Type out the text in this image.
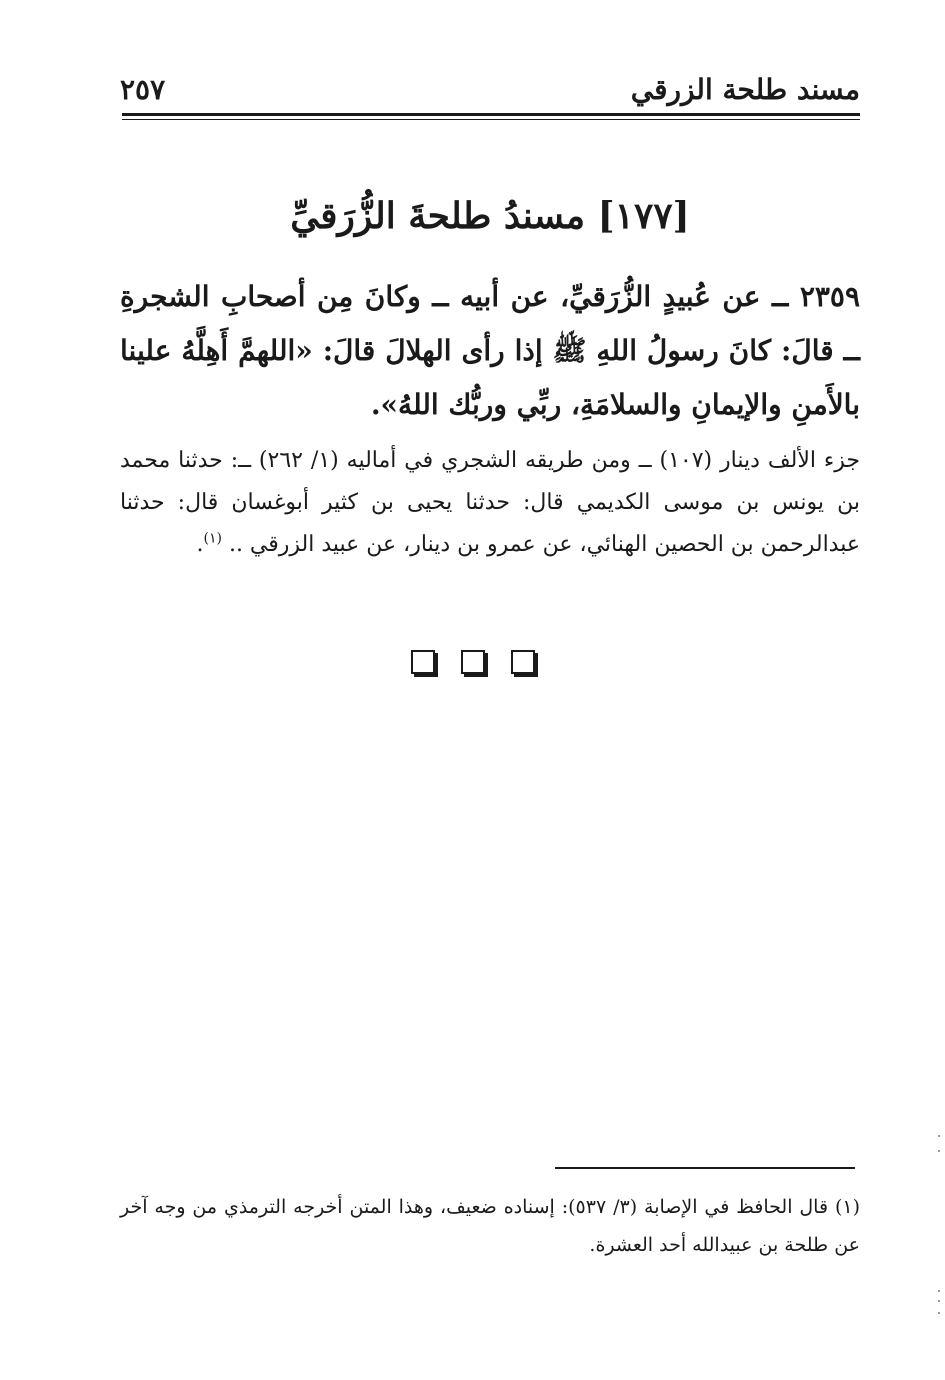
مسند طلحة الزرقي
٢٥٧
[١٧٧] مسندُ طلحةَ الزُّرَقيِّ
٢٣٥٩ ــ عن عُبيدٍ الزُّرَقيِّ، عن أبيه ــ وكانَ مِن أصحابِ الشجرةِ ــ قالَ: كانَ رسولُ اللهِ ﷺ إذا رأى الهلالَ قالَ: «اللهمَّ أَهِلَّهُ علينا بالأَمنِ والإيمانِ والسلامَةِ، ربِّي وربُّك اللهُ».
جزء الألف دينار (١٠٧) ــ ومن طريقه الشجري في أماليه (١/ ٢٦٢) ــ: حدثنا محمد بن يونس بن موسى الكديمي قال: حدثنا يحيى بن كثير أبوغسان قال: حدثنا عبدالرحمن بن الحصين الهنائي، عن عمرو بن دينار، عن عبيد الزرقي .. $^{(١)}$.
(١) قال الحافظ في الإصابة (٣/ ٥٣٧): إسناده ضعيف، وهذا المتن أخرجه الترمذي من وجه آخر عن طلحة بن عبيدالله أحد العشرة.
